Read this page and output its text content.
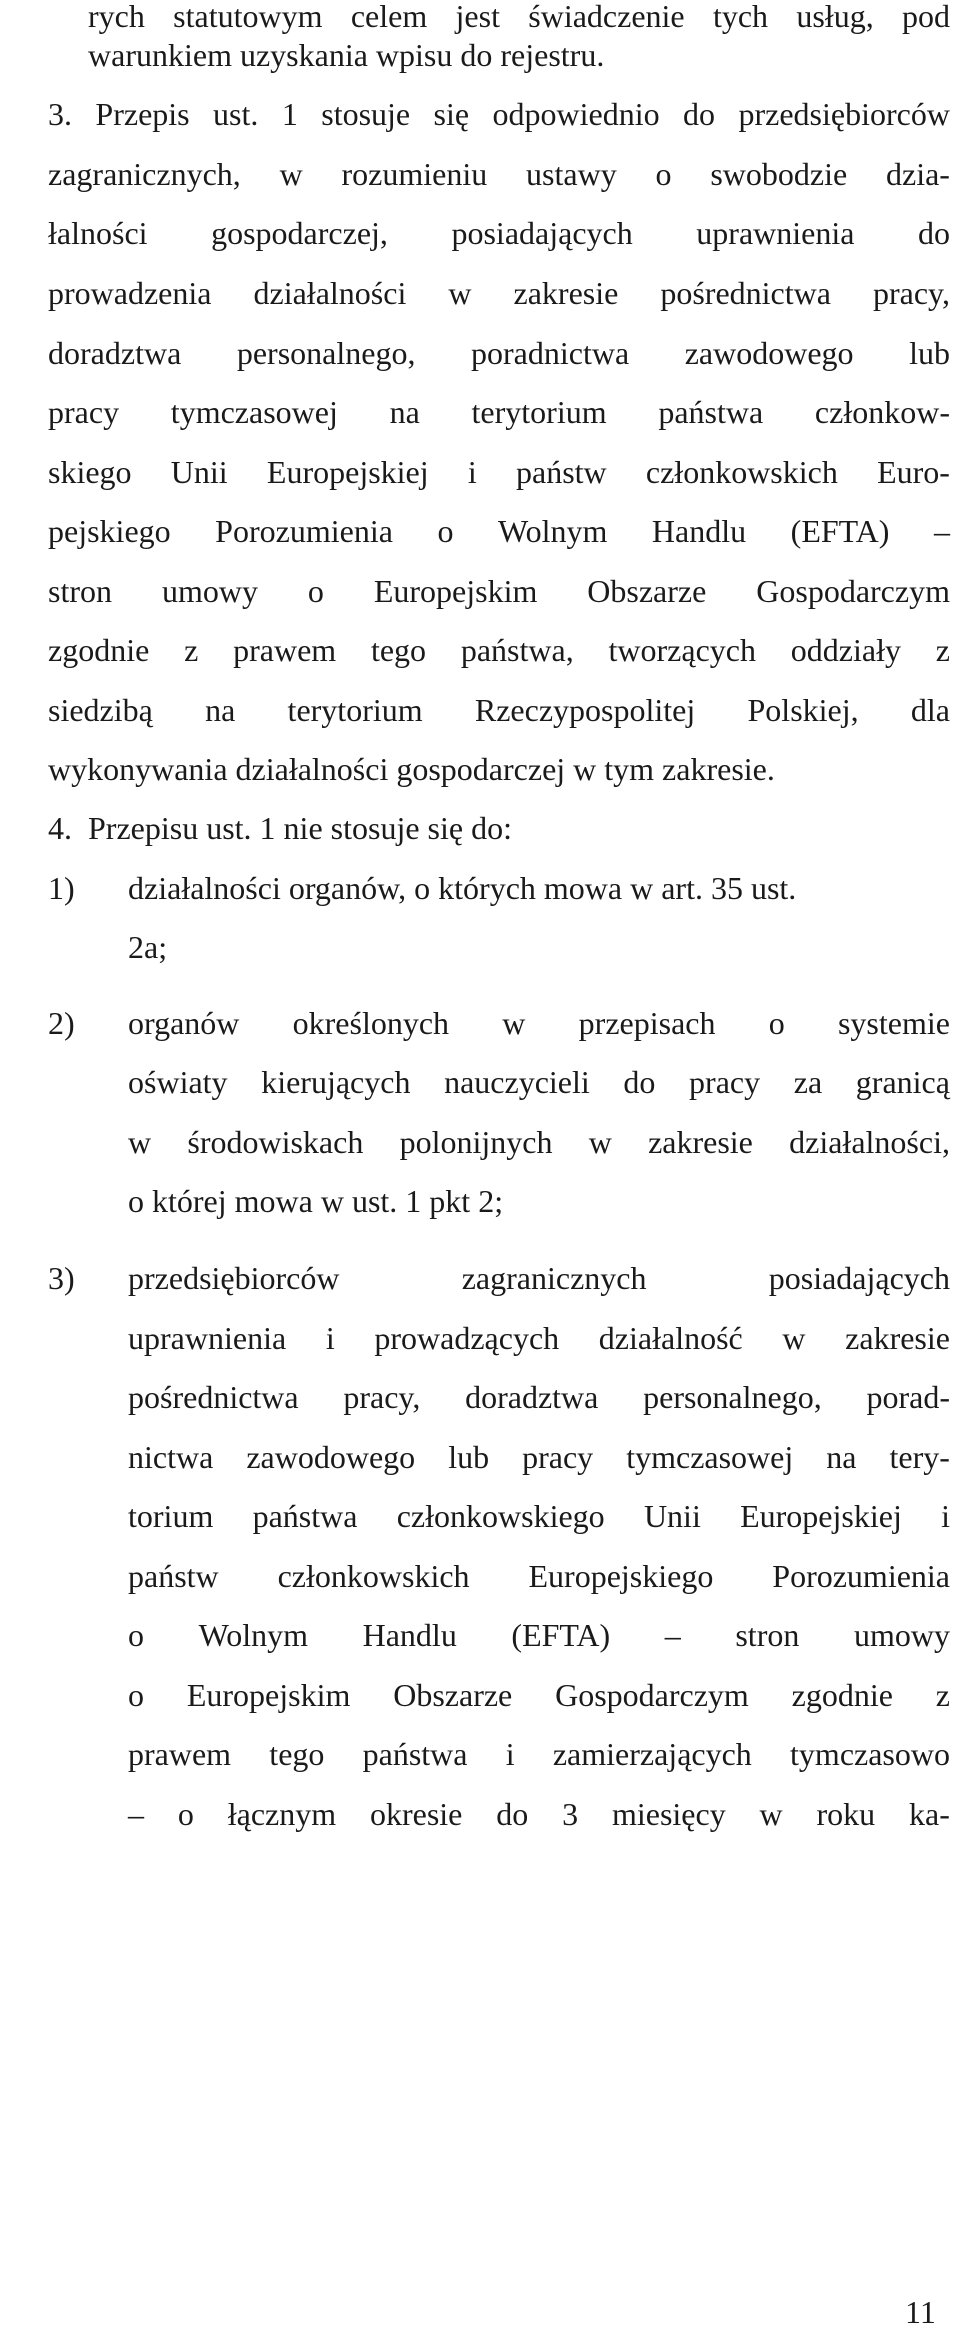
rych statutowym celem jest świadczenie tych usług, pod
warunkiem uzyskania wpisu do rejestru.
3. Przepis ust. 1 stosuje się odpowiednio do przedsiębiorców
zagranicznych, w rozumieniu ustawy o swobodzie dzia-
łalności gospodarczej, posiadających uprawnienia do
prowadzenia działalności w zakresie pośrednictwa pracy,
doradztwa personalnego, poradnictwa zawodowego lub
pracy tymczasowej na terytorium państwa członkow-
skiego Unii Europejskiej i państw członkowskich Euro-
pejskiego Porozumienia o Wolnym Handlu (EFTA) –
stron umowy o Europejskim Obszarze Gospodarczym
zgodnie z prawem tego państwa, tworzących oddziały z
siedzibą na terytorium Rzeczypospolitej Polskiej, dla
wykonywania działalności gospodarczej w tym zakresie.
4. Przepisu ust. 1 nie stosuje się do:
1) działalności organów, o których mowa w art. 35 ust.
2a;
2) organów określonych w przepisach o systemie
oświaty kierujących nauczycieli do pracy za granicą
w środowiskach polonijnych w zakresie działalności,
o której mowa w ust. 1 pkt 2;
3) przedsiębiorców	zagranicznych	posiadających
uprawnienia i prowadzących działalność w zakresie
pośrednictwa pracy, doradztwa personalnego, porad-
nictwa zawodowego lub pracy tymczasowej na tery-
torium państwa członkowskiego Unii Europejskiej i
państw członkowskich Europejskiego Porozumienia
o Wolnym Handlu (EFTA) – stron umowy
o Europejskim Obszarze Gospodarczym zgodnie z
prawem tego państwa i zamierzających tymczasowo
– o łącznym okresie do 3 miesięcy w roku ka-
11
